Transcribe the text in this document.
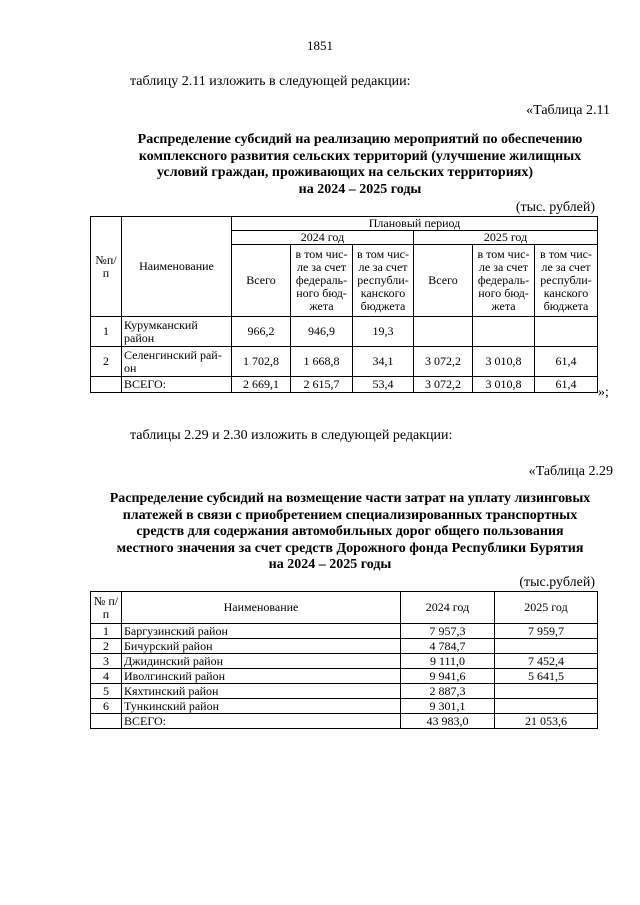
1851
таблицу 2.11 изложить в следующей редакции:
«Таблица 2.11
Распределение субсидий на реализацию мероприятий по обеспечению
комплексного развития сельских территорий (улучшение жилищных
условий граждан, проживающих на сельских территориях)
на 2024 – 2025 годы
(тыс. рублей)
№п/ п	Наименование	Плановый период					
		2024 год			2025 год		
		Всего	в том чис- ле за счет федераль- ного бюд- жета	в том чис- ле за счет республи- канского бюджета	Всего	в том чис- ле за счет федераль- ного бюд- жета	в том чис- ле за счет республи- канского бюджета
1	Курумканский район	966,2	946,9	19,3			
2	Селенгинский рай- он	1 702,8	1 668,8	34,1	3 072,2	3 010,8	61,4
	ВСЕГО:	2 669,1	2 615,7	53,4	3 072,2	3 010,8	61,4
»;
таблицы 2.29 и 2.30 изложить в следующей редакции:
«Таблица 2.29
Распределение субсидий на возмещение части затрат на уплату лизинговых
платежей в связи с приобретением специализированных транспортных
средств для содержания автомобильных дорог общего пользования
местного значения за счет средств Дорожного фонда Республики Бурятия
на 2024 – 2025 годы
(тыс.рублей)
№ п/п	Наименование	2024 год	2025 год
1	Баргузинский район	7 957,3	7 959,7
2	Бичурский район	4 784,7	
3	Джидинский район	9 111,0	7 452,4
4	Иволгинский район	9 941,6	5 641,5
5	Кяхтинский район	2 887,3	
6	Тункинский район	9 301,1	
	ВСЕГО:	43 983,0	21 053,6
